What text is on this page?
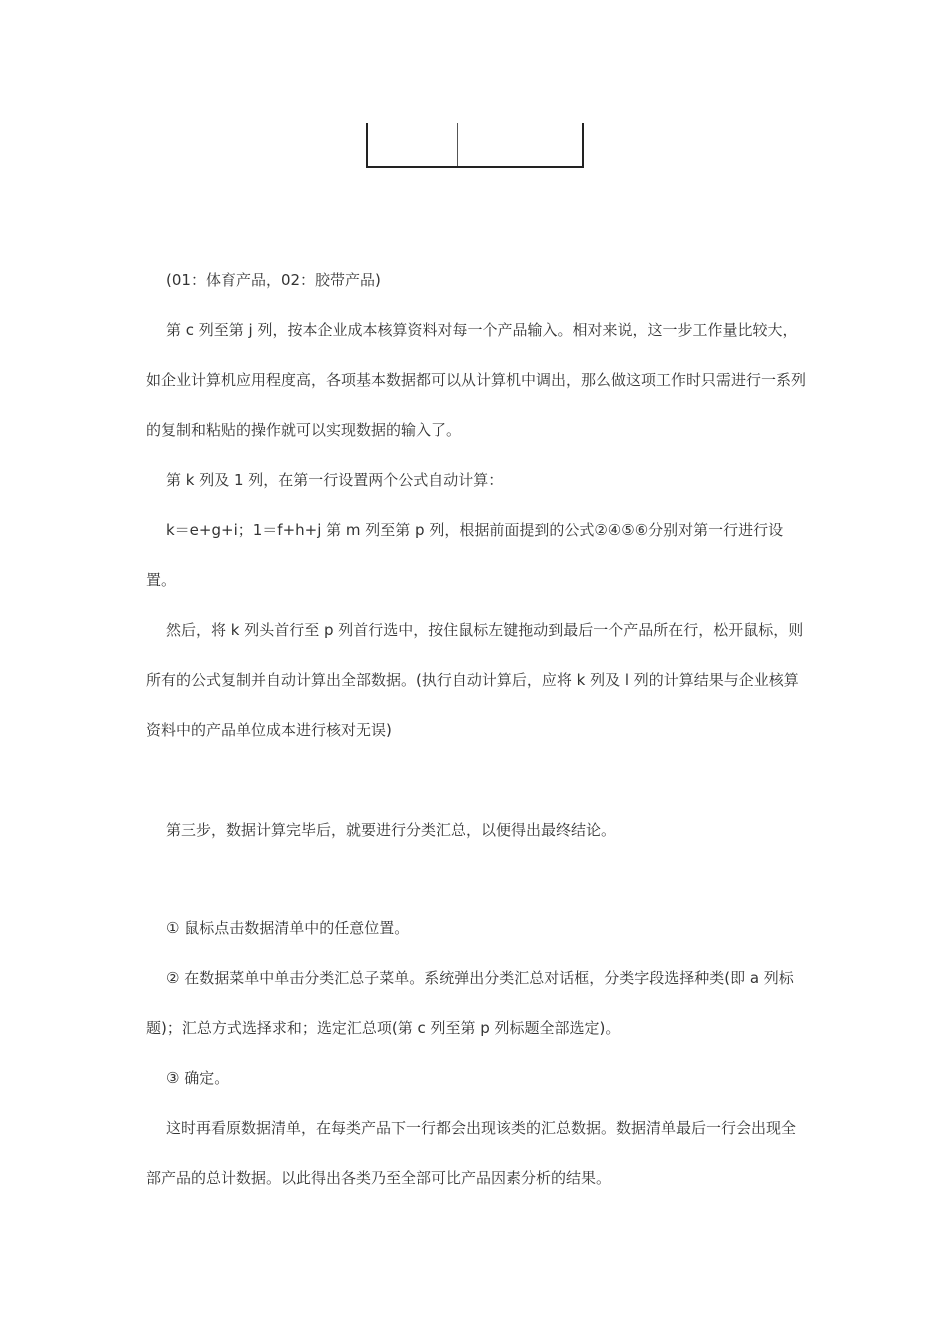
(01：体育产品，02：胶带产品)

第 c 列至第 j 列，按本企业成本核算资料对每一个产品输入。相对来说，这一步工作量比较大，如企业计算机应用程度高，各项基本数据都可以从计算机中调出，那么做这项工作时只需进行一系列的复制和粘贴的操作就可以实现数据的输入了。

第 k 列及 1 列，在第一行设置两个公式自动计算：

k＝e+g+i；1＝f+h+j 第 m 列至第 p 列，根据前面提到的公式②④⑤⑥分别对第一行进行设置。

然后，将 k 列头首行至 p 列首行选中，按住鼠标左键拖动到最后一个产品所在行，松开鼠标，则所有的公式复制并自动计算出全部数据。(执行自动计算后，应将 k 列及 l 列的计算结果与企业核算资料中的产品单位成本进行核对无误)

第三步，数据计算完毕后，就要进行分类汇总，以便得出最终结论。

① 鼠标点击数据清单中的任意位置。

② 在数据菜单中单击分类汇总子菜单。系统弹出分类汇总对话框，分类字段选择种类(即 a 列标题)；汇总方式选择求和；选定汇总项(第 c 列至第 p 列标题全部选定)。

③ 确定。

这时再看原数据清单，在每类产品下一行都会出现该类的汇总数据。数据清单最后一行会出现全部产品的总计数据。以此得出各类乃至全部可比产品因素分析的结果。
